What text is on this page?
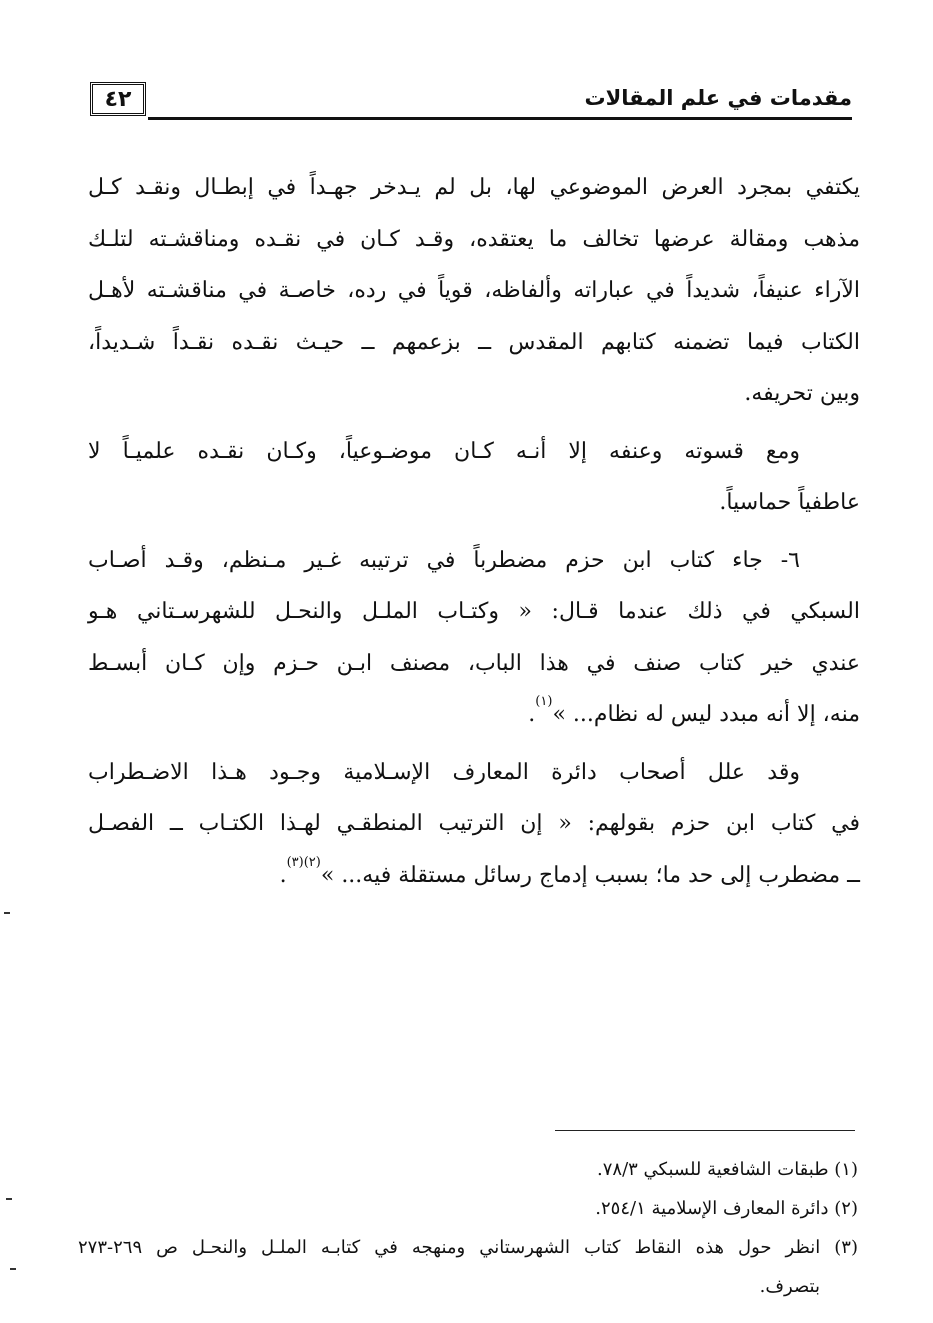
٤٢	مقدمات في علم المقالات
يكتفي بمجرد العرض الموضوعي لها، بل لم يـدخر جهـداً في إبطـال ونقـد كـل
مذهب ومقالة عرضها تخالف ما يعتقده، وقـد كـان في نقـده ومناقشـته لتلـك
الآراء عنيفاً، شديداً في عباراته وألفاظه، قوياً في رده، خاصـة في مناقشـته لأهـل
الكتاب فيما تضمنه كتابهم المقدس ــ بزعمهم ــ حيـث نقـده نقـداً شـديداً،
وبين تحريفه.
ومع قسوته وعنفه إلا أنـه كـان موضـوعياً، وكـان نقـده علميـاً لا
عاطفياً حماسياً.
٦- جاء كتاب ابن حزم مضطرباً في ترتيبه غـير مـنظم، وقـد أصـاب
السبكي في ذلك عندما قـال: « وكتـاب الملـل والنحـل للشهرسـتاني هـو
عندي خير كتاب صنف في هذا الباب، مصنف ابـن حـزم وإن كـان أبسـط
منه، إلا أنه مبدد ليس له نظام... »$^{(١)}$.
وقد علل أصحاب دائرة المعارف الإسـلامية وجـود هـذا الاضـطراب
في كتاب ابن حزم بقولهم: « إن الترتيب المنطقـي لهـذا الكتـاب ــ الفصـل
ــ مضطرب إلى حد ما؛ بسبب إدماج رسائل مستقلة فيه... »$^{(٢)(٣)}$.
(١) طبقات الشافعية للسبكي ٧٨/٣.
(٢) دائرة المعارف الإسلامية ٢٥٤/١.
(٣) انظر حول هذه النقاط كتاب الشهرستاني ومنهجه في كتابـه الملـل والنحـل ص ٢٦٩-٢٧٣
بتصرف.
